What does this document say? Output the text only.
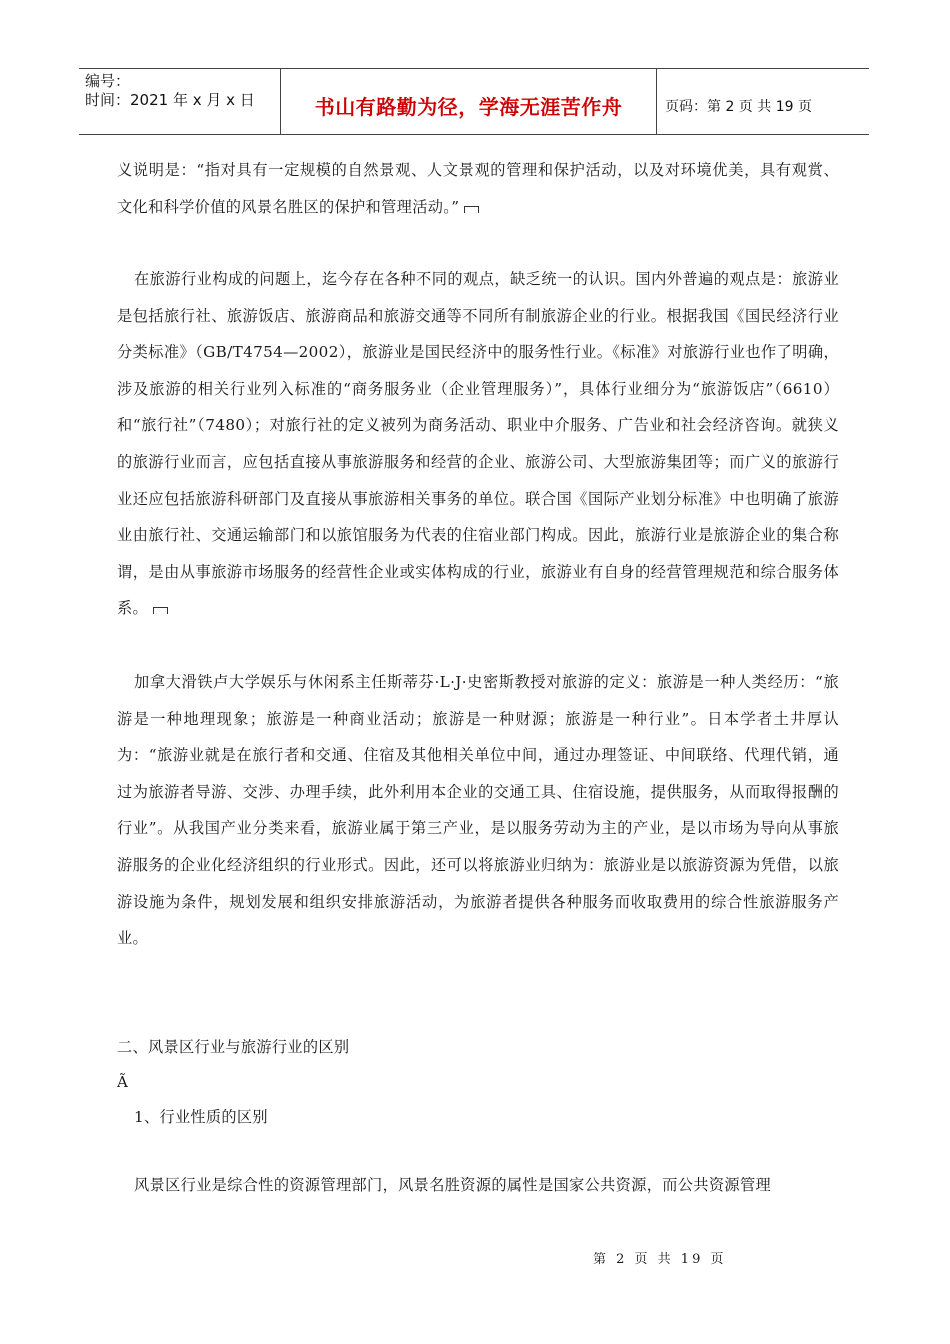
编号：
时间：2021 年 x 月 x 日	书山有路勤为径，学海无涯苦作舟	页码：第 2 页 共 19 页

义说明是：“指对具有一定规模的自然景观、人文景观的管理和保护活动，以及对环境优美，具有观赏、文化和科学价值的风景名胜区的保护和管理活动。”

在旅游行业构成的问题上，迄今存在各种不同的观点，缺乏统一的认识。国内外普遍的观点是：旅游业是包括旅行社、旅游饭店、旅游商品和旅游交通等不同所有制旅游企业的行业。根据我国《国民经济行业分类标准》（GB/T4754—2002），旅游业是国民经济中的服务性行业。《标准》对旅游行业也作了明确，涉及旅游的相关行业列入标准的“商务服务业（企业管理服务）”，具体行业细分为“旅游饭店”（6610）和“旅行社”（7480）；对旅行社的定义被列为商务活动、职业中介服务、广告业和社会经济咨询。就狭义的旅游行业而言，应包括直接从事旅游服务和经营的企业、旅游公司、大型旅游集团等；而广义的旅游行业还应包括旅游科研部门及直接从事旅游相关事务的单位。联合国《国际产业划分标准》中也明确了旅游业由旅行社、交通运输部门和以旅馆服务为代表的住宿业部门构成。因此，旅游行业是旅游企业的集合称谓，是由从事旅游市场服务的经营性企业或实体构成的行业，旅游业有自身的经营管理规范和综合服务体系。

加拿大滑铁卢大学娱乐与休闲系主任斯蒂芬·L·J·史密斯教授对旅游的定义：旅游是一种人类经历：“旅游是一种地理现象；旅游是一种商业活动；旅游是一种财源；旅游是一种行业”。日本学者土井厚认为：“旅游业就是在旅行者和交通、住宿及其他相关单位中间，通过办理签证、中间联络、代理代销，通过为旅游者导游、交涉、办理手续，此外利用本企业的交通工具、住宿设施，提供服务，从而取得报酬的行业”。从我国产业分类来看，旅游业属于第三产业，是以服务劳动为主的产业，是以市场为导向从事旅游服务的企业化经济组织的行业形式。因此，还可以将旅游业归纳为：旅游业是以旅游资源为凭借，以旅游设施为条件，规划发展和组织安排旅游活动，为旅游者提供各种服务而收取费用的综合性旅游服务产业。

二、风景区行业与旅游行业的区别
Ã
1、行业性质的区别
风景区行业是综合性的资源管理部门，风景名胜资源的属性是国家公共资源，而公共资源管理
第 2 页 共 19 页
